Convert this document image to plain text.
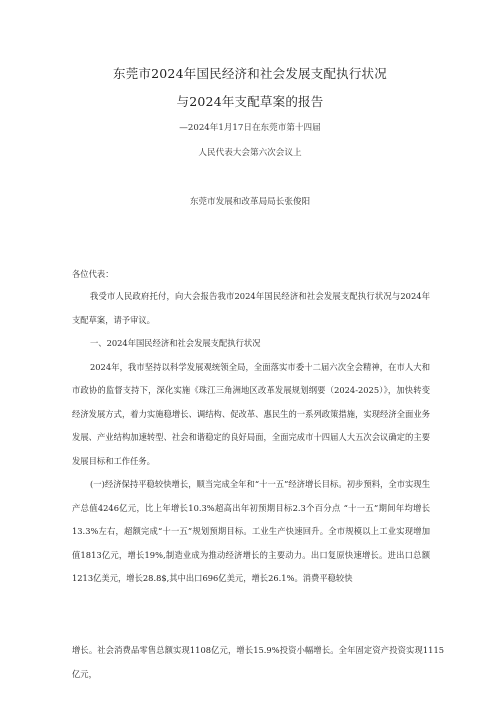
东莞市2024年国民经济和社会发展支配执行状况
与2024年支配草案的报告
—2024年1月17日在东莞市第十四届
人民代表大会第六次会议上
东莞市发展和改革局局长张俊阳
各位代表：

我受市人民政府托付，向大会报告我市2024年国民经济和社会发展支配执行状况与2024年支配草案，请予审议。

一、2024年国民经济和社会发展支配执行状况

2024年，我市坚持以科学发展观统领全局，全面落实市委十二届六次全会精神，在市人大和市政协的监督支持下，深化实施《珠江三角洲地区改革发展规划纲要（2024-2025）》，加快转变经济发展方式，着力实施稳增长、调结构、促改革、惠民生的一系列政策措施，实现经济全面业务发展、产业结构加速转型、社会和谐稳定的良好局面，全面完成市十四届人大五次会议确定的主要发展目标和工作任务。

(一)经济保持平稳较快增长，顺当完成全年和“十一五”经济增长目标。初步预料，全市实现生产总值4246亿元，比上年增长10.3%超高出年初预期目标2.3个百分点 “十一五”期间年均增长13.3%左右，超额完成“十一五”规划预期目标。工业生产快速回升。全市规模以上工业实现增加值1813亿元，增长19%,制造业成为推动经济增长的主要动力。出口复原快速增长。进出口总额1213亿美元，增长28.8$,其中出口696亿美元，增长26.1%。消费平稳较快

增长。社会消费品零售总额实现1108亿元，增长15.9%投资小幅增长。全年固定资产投资实现1115亿元，
